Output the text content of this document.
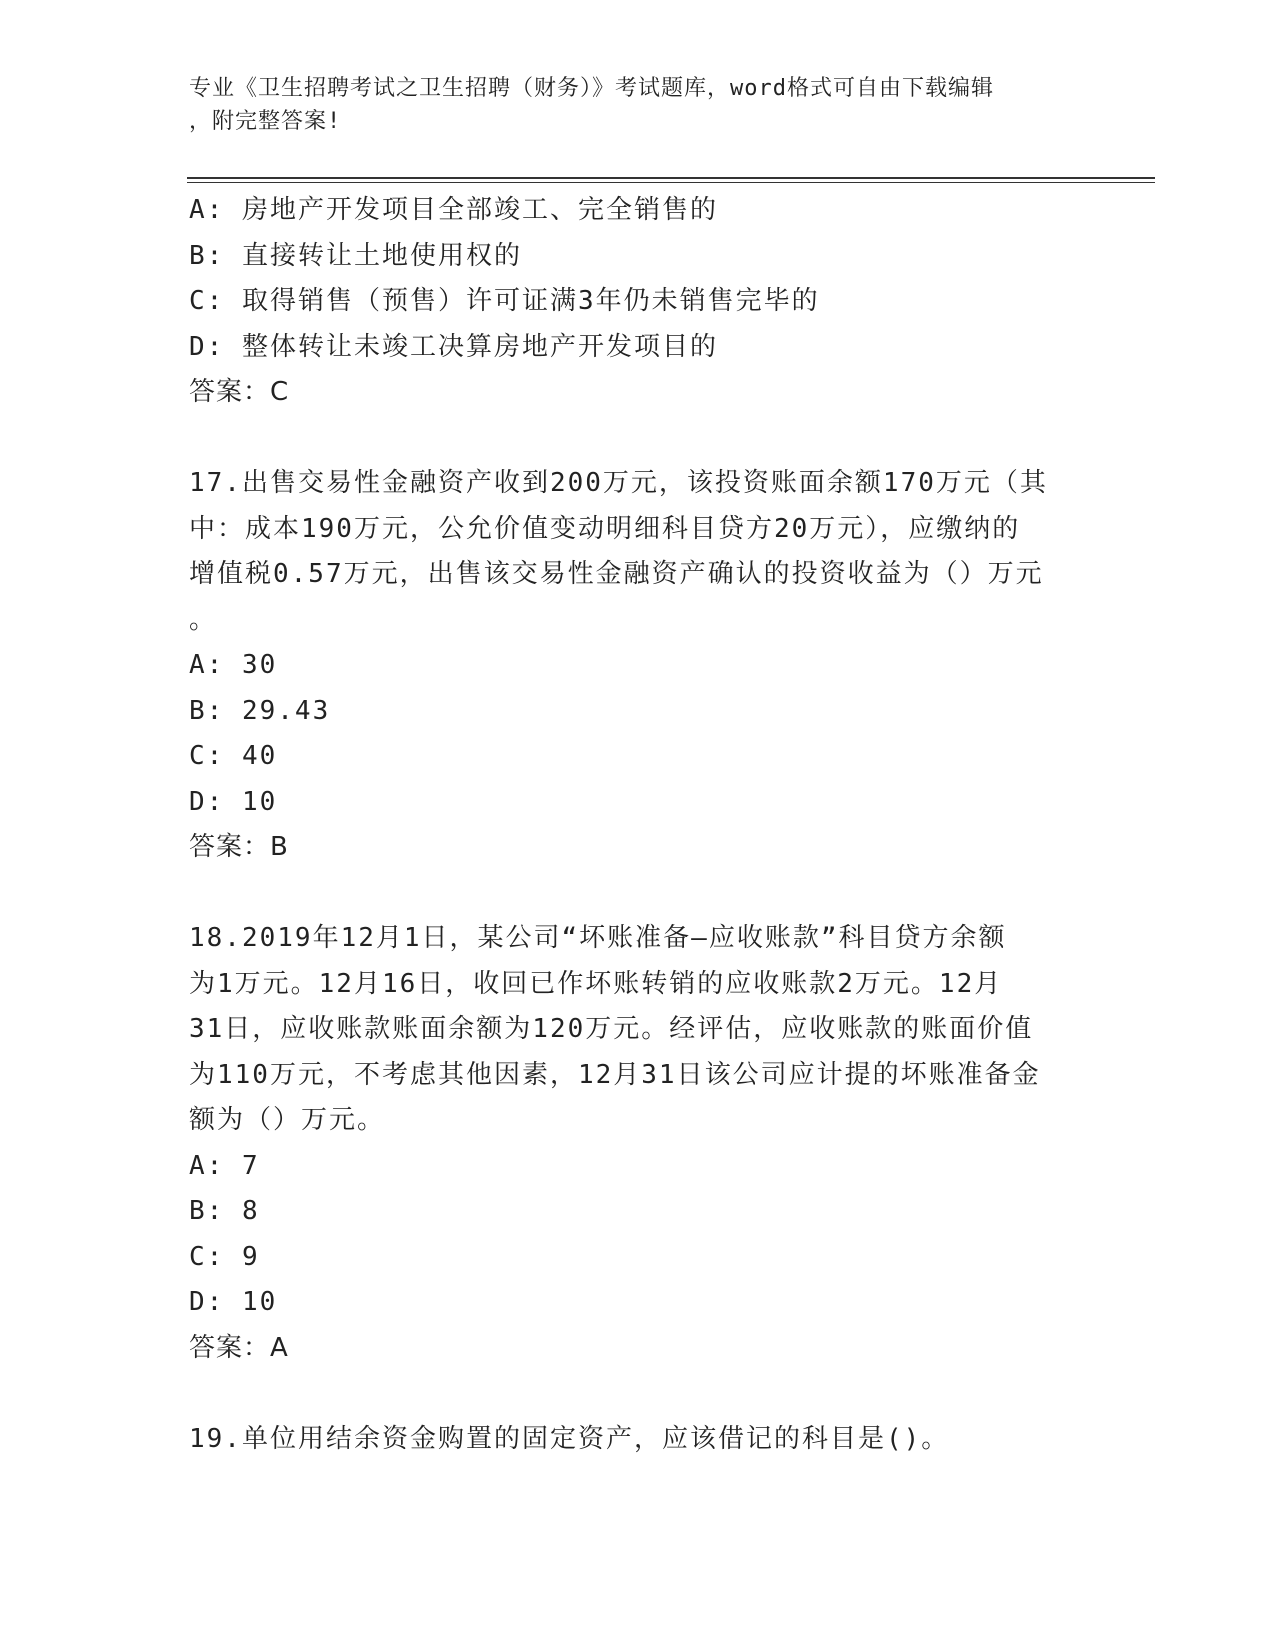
专业《卫生招聘考试之卫生招聘（财务）》考试题库，word格式可自由下载编辑
，附完整答案!
A: 房地产开发项目全部竣工、完全销售的
B: 直接转让土地使用权的
C: 取得销售（预售）许可证满3年仍未销售完毕的
D: 整体转让未竣工决算房地产开发项目的
答案：C
17.出售交易性金融资产收到200万元，该投资账面余额170万元（其
中：成本190万元，公允价值变动明细科目贷方20万元），应缴纳的
增值税0.57万元，出售该交易性金融资产确认的投资收益为（）万元
。
A: 30
B: 29.43
C: 40
D: 10
答案：B
18.2019年12月1日，某公司“坏账准备—应收账款”科目贷方余额
为1万元。12月16日，收回已作坏账转销的应收账款2万元。12月
31日，应收账款账面余额为120万元。经评估，应收账款的账面价值
为110万元，不考虑其他因素，12月31日该公司应计提的坏账准备金
额为（）万元。
A: 7
B: 8
C: 9
D: 10
答案：A
19.单位用结余资金购置的固定资产，应该借记的科目是()。
